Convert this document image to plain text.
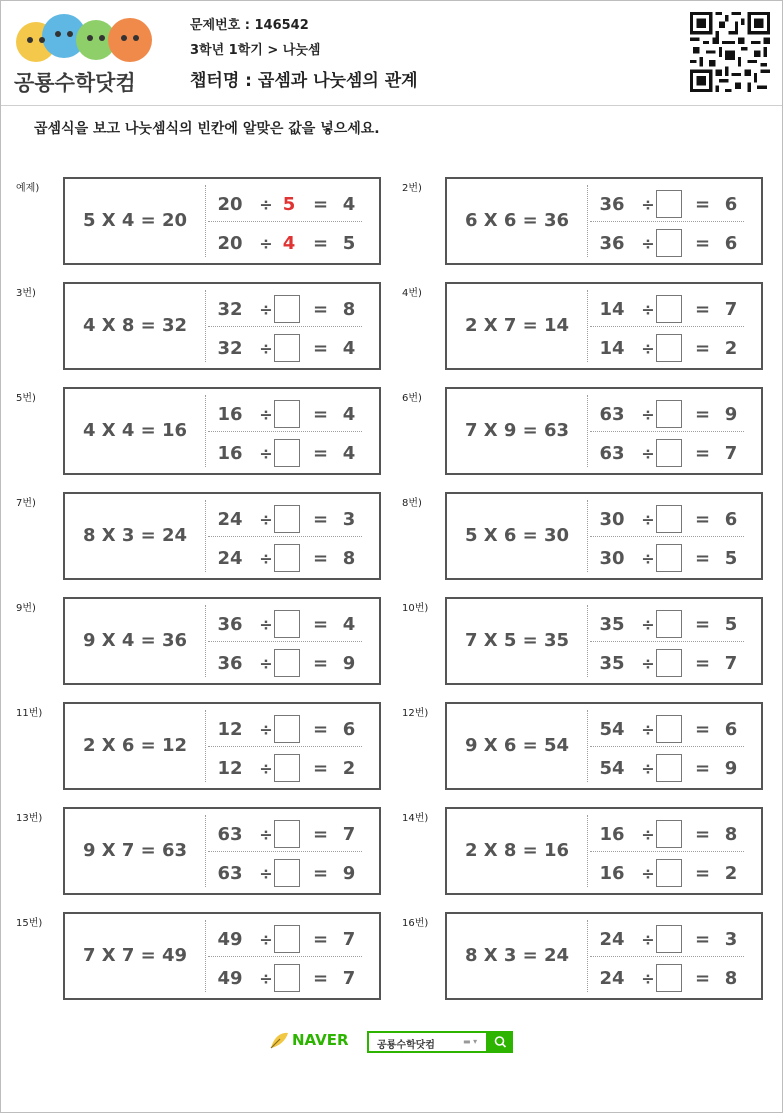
공룡수학닷컴
문제번호 : 146542
3학년 1학기 > 나눗셈
챕터명 : 곱셈과 나눗셈의 관계
곱셈식을 보고 나눗셈식의 빈칸에 알맞은 값을 넣으세요.
예제)
5 X 4 = 20
20 ÷ 5 = 4
20 ÷ 4 = 5
2번)
6 X 6 = 36
36 ÷ = 6
36 ÷ = 6
3번)
4 X 8 = 32
32 ÷ = 8
32 ÷ = 4
4번)
2 X 7 = 14
14 ÷ = 7
14 ÷ = 2
5번)
4 X 4 = 16
16 ÷ = 4
16 ÷ = 4
6번)
7 X 9 = 63
63 ÷ = 9
63 ÷ = 7
7번)
8 X 3 = 24
24 ÷ = 3
24 ÷ = 8
8번)
5 X 6 = 30
30 ÷ = 6
30 ÷ = 5
9번)
9 X 4 = 36
36 ÷ = 4
36 ÷ = 9
10번)
7 X 5 = 35
35 ÷ = 5
35 ÷ = 7
11번)
2 X 6 = 12
12 ÷ = 6
12 ÷ = 2
12번)
9 X 6 = 54
54 ÷ = 6
54 ÷ = 9
13번)
9 X 7 = 63
63 ÷ = 7
63 ÷ = 9
14번)
2 X 8 = 16
16 ÷ = 8
16 ÷ = 2
15번)
7 X 7 = 49
49 ÷ = 7
49 ÷ = 7
16번)
8 X 3 = 24
24 ÷ = 3
24 ÷ = 8
NAVER	공룡수학닷컴	▬ ▾
